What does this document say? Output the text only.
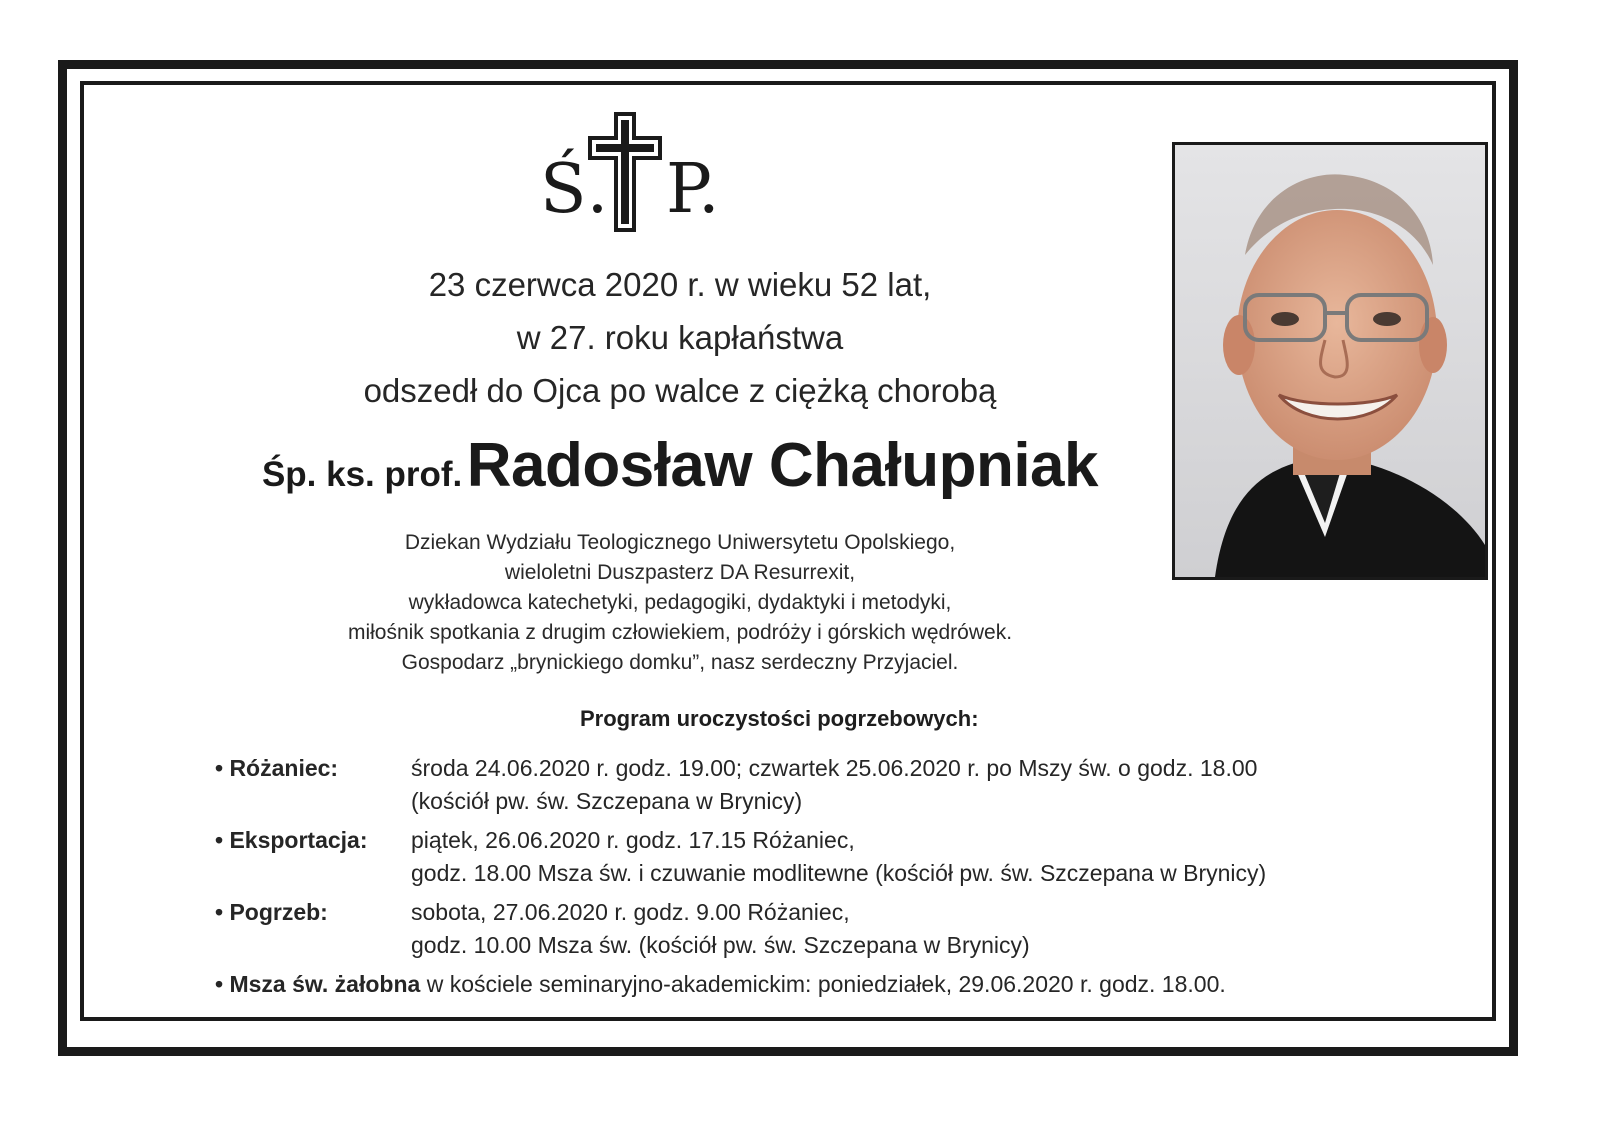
Ś. P.
23 czerwca 2020 r. w wieku 52 lat,
w 27. roku kapłaństwa
odszedł do Ojca po walce z ciężką chorobą
Śp. ks. prof. Radosław Chałupniak
Dziekan Wydziału Teologicznego Uniwersytetu Opolskiego,
wieloletni Duszpasterz DA Resurrexit,
wykładowca katechetyki, pedagogiki, dydaktyki i metodyki,
miłośnik spotkania z drugim człowiekiem, podróży i górskich wędrówek.
Gospodarz „brynickiego domku”, nasz serdeczny Przyjaciel.
Program uroczystości pogrzebowych:
• Różaniec:	środa 24.06.2020 r. godz. 19.00; czwartek 25.06.2020 r. po Mszy św. o godz. 18.00
(kościół pw. św. Szczepana w Brynicy)
• Eksportacja: piątek, 26.06.2020 r. godz. 17.15 Różaniec,
godz. 18.00 Msza św. i czuwanie modlitewne (kościół pw. św. Szczepana w Brynicy)
• Pogrzeb:	sobota, 27.06.2020 r. godz. 9.00 Różaniec,
godz. 10.00 Msza św. (kościół pw. św. Szczepana w Brynicy)
• Msza św. żałobna w kościele seminaryjno-akademickim: poniedziałek, 29.06.2020 r. godz. 18.00.
